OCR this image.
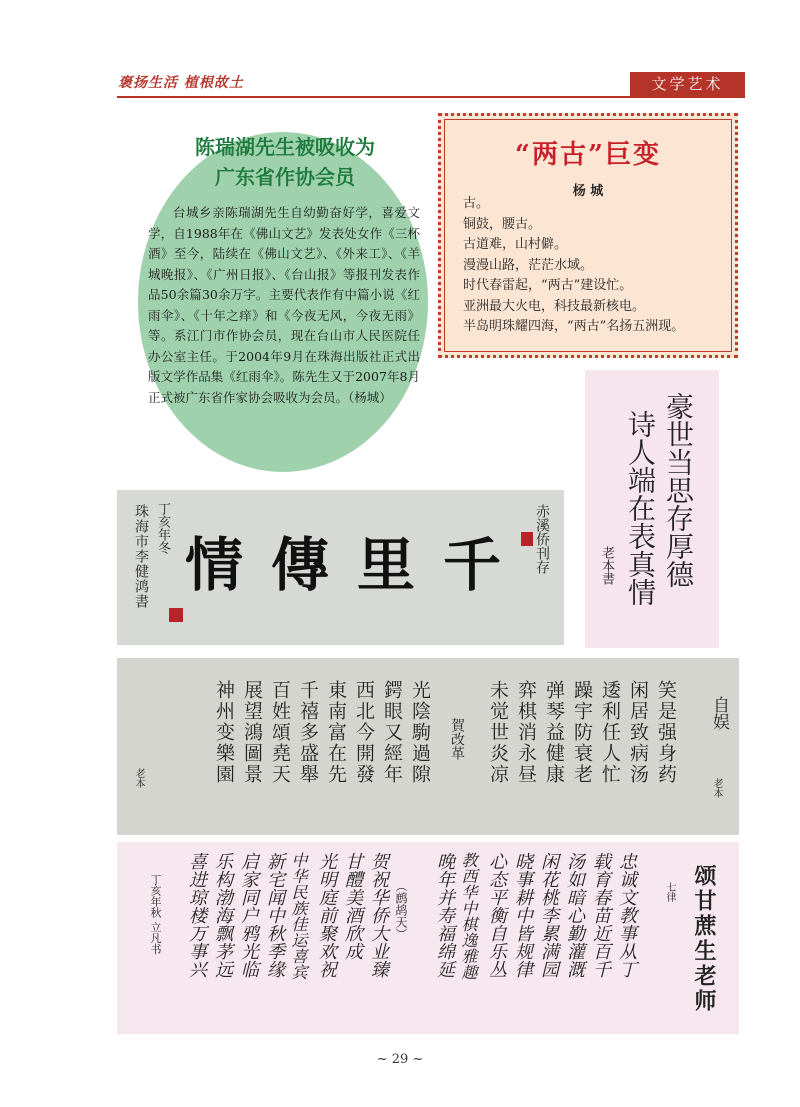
褒扬生活 植根故土	文学艺术
陈瑞湖先生被吸收为
广东省作协会员
台城乡亲陈瑞湖先生自幼勤奋好学，喜爱文学，自1988年在《佛山文艺》发表处女作《三杯酒》至今，陆续在《佛山文艺》、《外来工》、《羊城晚报》、《广州日报》、《台山报》等报刊发表作品50余篇30余万字。主要代表作有中篇小说《红雨伞》、《十年之痒》和《今夜无风，今夜无雨》等。系江门市作协会员，现在台山市人民医院任办公室主任。于2004年9月在珠海出版社正式出版文学作品集《红雨伞》。陈先生又于2007年8月正式被广东省作家协会吸收为会员。（杨城）
“两古”巨变
杨 城
古。
铜鼓，腰古。
古道难，山村僻。
漫漫山路，茫茫水域。
时代春雷起，“两古”建设忙。
亚洲最大火电，科技最新核电。
半岛明珠耀四海，“两古”名扬五洲现。
珠海市李健鸿書 丁亥年冬	赤溪侨刊存
情傳里千	豪世当思存厚德
诗人端在表真情
老本書
自娱
老本
笑是强身药
闲居致病汤
逶利任人忙
躁宇防衰老
弹琴益健康
弈棋消永昼
未觉世炎凉
賀改革
光陰駒過隙
鍔眼又經年
西北今開發
東南富在先
千禧多盛舉
百姓頌堯天
展望鴻圖景
神州变樂園
老本
颂甘蔗生老师
七律
忠诚文教事从丁
载育春苗近百千
汤如暗心勤灌溉
闲花桃李累满园
晓事耕中皆规律
心态平衡自乐丛
教西华中棋逸雅趣
晚年并寿福绵延
（鹧鸪天）
贺祝华侨大业臻
甘醴美酒欣成
光明庭前聚欢祝
中华民族佳运喜宾
新宅闻中秋季缘
启家同户鸦光临
乐构渤海飘茅远
喜进琼楼万事兴
丁亥年秋 立凡书
~ 29 ~
